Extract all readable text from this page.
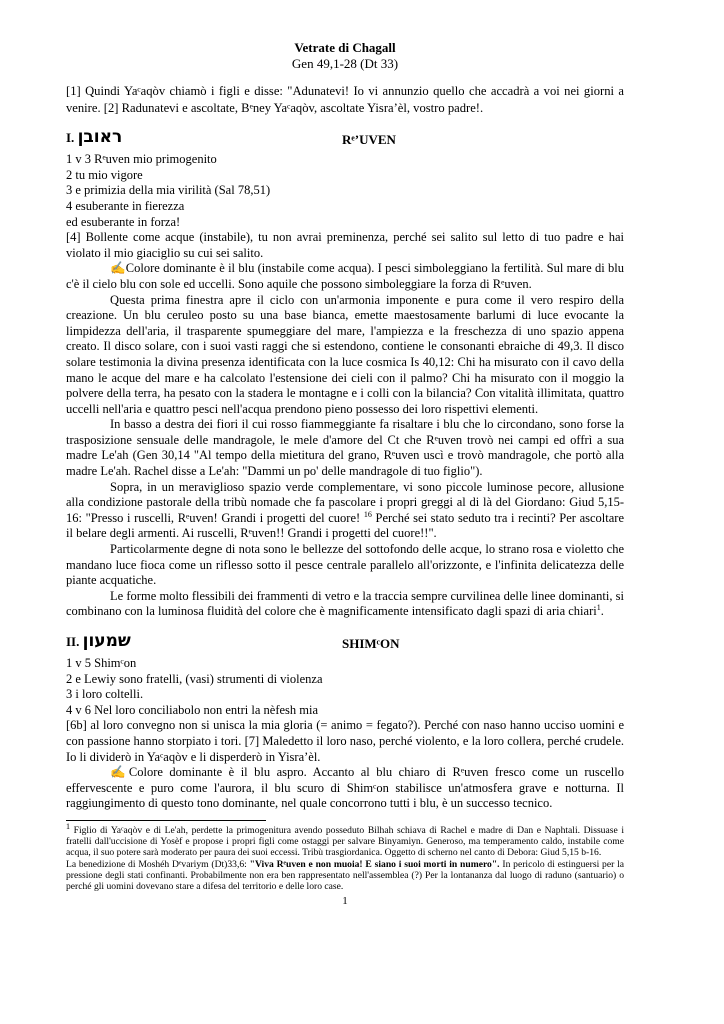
Vetrate di Chagall
Gen 49,1-28 (Dt 33)

[1] Quindi Yaᶜaqòv chiamò i figli e disse: "Adunatevi! Io vi annunzio quello che accadrà a voi nei giorni a venire. [2] Radunatevi e ascoltate, Bᵉney Yaᶜaqòv, ascoltate Yisra’èl, vostro padre!.

I. ראובן	Rᵉ’UVEN
1 v 3 Rᵉuven mio primogenito
2 tu mio vigore
3 e primizia della mia virilità (Sal 78,51)
4 esuberante in fierezza
ed esuberante in forza!

[4] Bollente come acque (instabile), tu non avrai preminenza, perché sei salito sul letto di tuo padre e hai violato il mio giaciglio su cui sei salito.

✍Colore dominante è il blu (instabile come acqua). I pesci simboleggiano la fertilità. Sul mare di blu c'è il cielo blu con sole ed uccelli. Sono aquile che possono simboleggiare la forza di Rᵉuven.

Questa prima finestra apre il ciclo con un'armonia imponente e pura come il vero respiro della creazione. Un blu ceruleo posto su una base bianca, emette maestosamente barlumi di luce evocante la limpidezza dell'aria, il trasparente spumeggiare del mare, l'ampiezza e la freschezza di uno spazio appena creato. Il disco solare, con i suoi vasti raggi che si estendono, contiene le consonanti ebraiche di 49,3. Il disco solare testimonia la divina presenza identificata con la luce cosmica Is 40,12: Chi ha misurato con il cavo della mano le acque del mare e ha calcolato l'estensione dei cieli con il palmo? Chi ha misurato con il moggio la polvere della terra, ha pesato con la stadera le montagne e i colli con la bilancia? Con vitalità illimitata, quattro uccelli nell'aria e quattro pesci nell'acqua prendono pieno possesso dei loro rispettivi elementi.

In basso a destra dei fiori il cui rosso fiammeggiante fa risaltare i blu che lo circondano, sono forse la trasposizione sensuale delle mandragole, le mele d'amore del Ct che Rᵉuven trovò nei campi ed offrì a sua madre Le'ah (Gen 30,14 "Al tempo della mietitura del grano, Rᵉuven uscì e trovò mandragole, che portò alla madre Le'ah. Rachel disse a Le'ah: "Dammi un po' delle mandragole di tuo figlio").

Sopra, in un meraviglioso spazio verde complementare, vi sono piccole luminose pecore, allusione alla condizione pastorale della tribù nomade che fa pascolare i propri greggi al di là del Giordano: Giud 5,15-16: "Presso i ruscelli, Rᵉuven! Grandi i progetti del cuore! $^{16}$ Perché sei stato seduto tra i recinti? Per ascoltare il belare degli armenti. Ai ruscelli, Rᵉuven!! Grandi i progetti del cuore!!".

Particolarmente degne di nota sono le bellezze del sottofondo delle acque, lo strano rosa e violetto che mandano luce fioca come un riflesso sotto il pesce centrale parallelo all'orizzonte, e l'infinita delicatezza delle piante acquatiche.

Le forme molto flessibili dei frammenti di vetro e la traccia sempre curvilinea delle linee dominanti, si combinano con la luminosa fluidità del colore che è magnificamente intensificato dagli spazi di aria chiari$^1$.

II. שמעון	SHIMᶜON
1 v 5 Shimᶜon
2 e Lewiy sono fratelli, (vasi) strumenti di violenza
3 i loro coltelli.
4 v 6 Nel loro conciliabolo non entri la nèfesh mia

[6b] al loro convegno non si unisca la mia gloria (= animo = fegato?). Perché con naso hanno ucciso uomini e con passione hanno storpiato i tori. [7] Maledetto il loro naso, perché violento, e la loro collera, perché crudele. Io li dividerò in Yaᶜaqòv e li disperderò in Yisra’èl.

✍Colore dominante è il blu aspro. Accanto al blu chiaro di Rᵉuven fresco come un ruscello effervescente e puro come l'aurora, il blu scuro di Shimᶜon stabilisce un'atmosfera grave e notturna. Il raggiungimento di questo tono dominante, nel quale concorrono tutti i blu, è un successo tecnico.

$^1$ Figlio di Yaᶜaqòv e di Le'ah, perdette la primogenitura avendo posseduto Bilhah schiava di Rachel e madre di Dan e Naphtali. Dissuase i fratelli dall'uccisione di Yosèf e propose i propri figli come ostaggi per salvare Binyamiyn. Generoso, ma temperamento caldo, instabile come acqua, il suo potere sarà moderato per paura dei suoi eccessi. Tribù trasgiordanica. Oggetto di scherno nel canto di Debora: Giud 5,15 b-16.

La benedizione di Moshéh Dᵉvariym (Dt)33,6: "Viva Rᵉuven e non muoia! E siano i suoi morti in numero". In pericolo di estinguersi per la pressione degli stati confinanti. Probabilmente non era ben rappresentato nell'assemblea (?) Per la lontananza dal luogo di raduno (santuario) o perché gli uomini dovevano stare a difesa del territorio e delle loro case.

1
